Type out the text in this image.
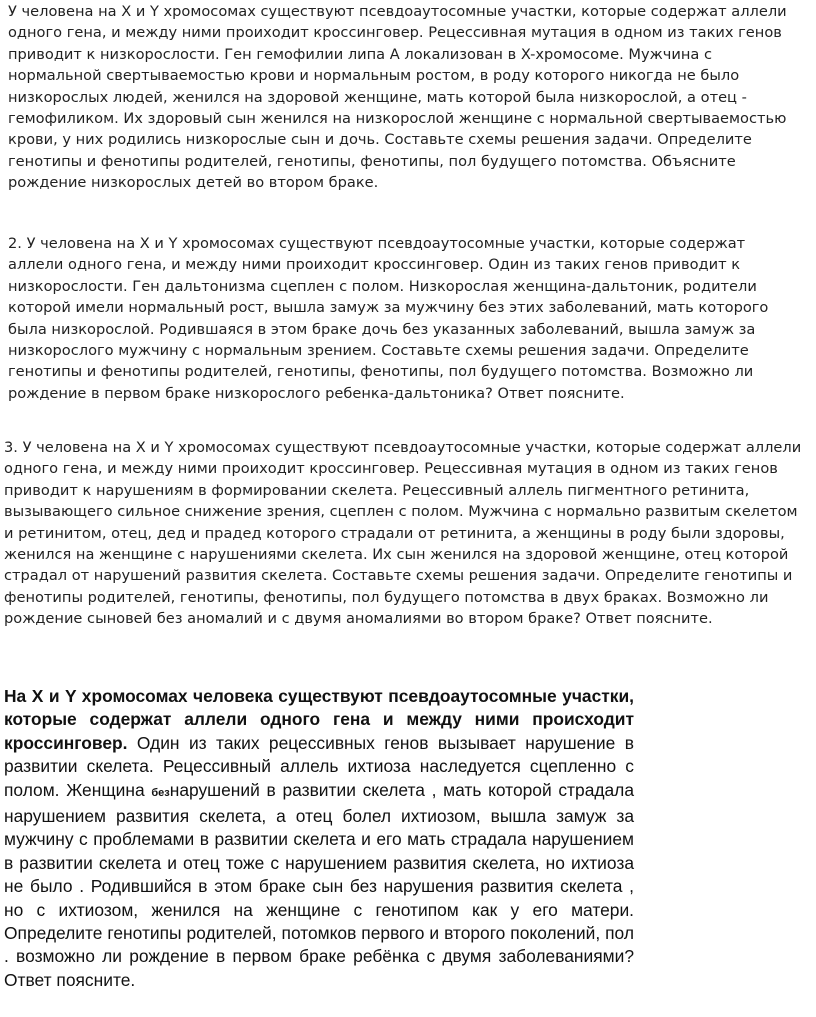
У человена на X и Y хромосомах существуют псевдоаутосомные участки, которые содержат аллели одного гена, и между ними проиходит кроссинговер. Рецессивная мутация в одном из таких генов приводит к низкорослости. Ген гемофилии липа А локализован в X-хромосоме. Мужчина с нормальной свертываемостью крови и нормальным ростом, в роду которого никогда не было низкорослых людей, женился на здоровой женщине, мать которой была низкорослой, а отец - гемофиликом. Их здоровый сын женился на низкорослой женщине с нормальной свертываемостью крови, у них родились низкорослые сын и дочь. Составьте схемы решения задачи. Определите генотипы и фенотипы родителей, генотипы, фенотипы, пол будущего потомства. Объясните рождение низкорослых детей во втором браке.

2. У человена на X и Y хромосомах существуют псевдоаутосомные участки, которые содержат аллели одного гена, и между ними проиходит кроссинговер. Один из таких генов приводит к низкорослости. Ген дальтонизма сцеплен с полом. Низкорослая женщина-дальтоник, родители которой имели нормальный рост, вышла замуж за мужчину без этих заболеваний, мать которого была низкорослой. Родившаяся в этом браке дочь без указанных заболеваний, вышла замуж за низкорослого мужчину с нормальным зрением. Составьте схемы решения задачи. Определите генотипы и фенотипы родителей, генотипы, фенотипы, пол будущего потомства. Возможно ли рождение в первом браке низкорослого ребенка-дальтоника? Ответ поясните.

3. У человена на X и Y хромосомах существуют псевдоаутосомные участки, которые содержат аллели одного гена, и между ними проиходит кроссинговер. Рецессивная мутация в одном из таких генов приводит к нарушениям в формировании скелета. Рецессивный аллель пигментного ретинита, вызывающего сильное снижение зрения, сцеплен с полом. Мужчина с нормально развитым скелетом и ретинитом, отец, дед и прадед которого страдали от ретинита, а женщины в роду были здоровы, женился на женщине с нарушениями скелета. Их сын женился на здоровой женщине, отец которой страдал от нарушений развития скелета. Составьте схемы решения задачи. Определите генотипы и фенотипы родителей, генотипы, фенотипы, пол будущего потомства в двух браках. Возможно ли рождение сыновей без аномалий и с двумя аномалиями во втором браке? Ответ поясните.

На X и Y хромосомах человека существуют псевдоаутосомные участки, которые содержат аллели одного гена и между ними происходит кроссинговер. Один из таких рецессивных генов вызывает нарушение в развитии скелета. Рецессивный аллель ихтиоза наследуется сцепленно с полом. Женщина безнарушений в развитии скелета , мать которой страдала нарушением развития скелета, а отец болел ихтиозом, вышла замуж за мужчину с проблемами в развитии скелета и его мать страдала нарушением в развитии скелета и отец тоже с нарушением развития скелета, но ихтиоза не было . Родившийся в этом браке сын без нарушения развития скелета , но с ихтиозом, женился на женщине с генотипом как у его матери. Определите генотипы родителей, потомков первого и второго поколений, пол . возможно ли рождение в первом браке ребёнка с двумя заболеваниями? Ответ поясните.
